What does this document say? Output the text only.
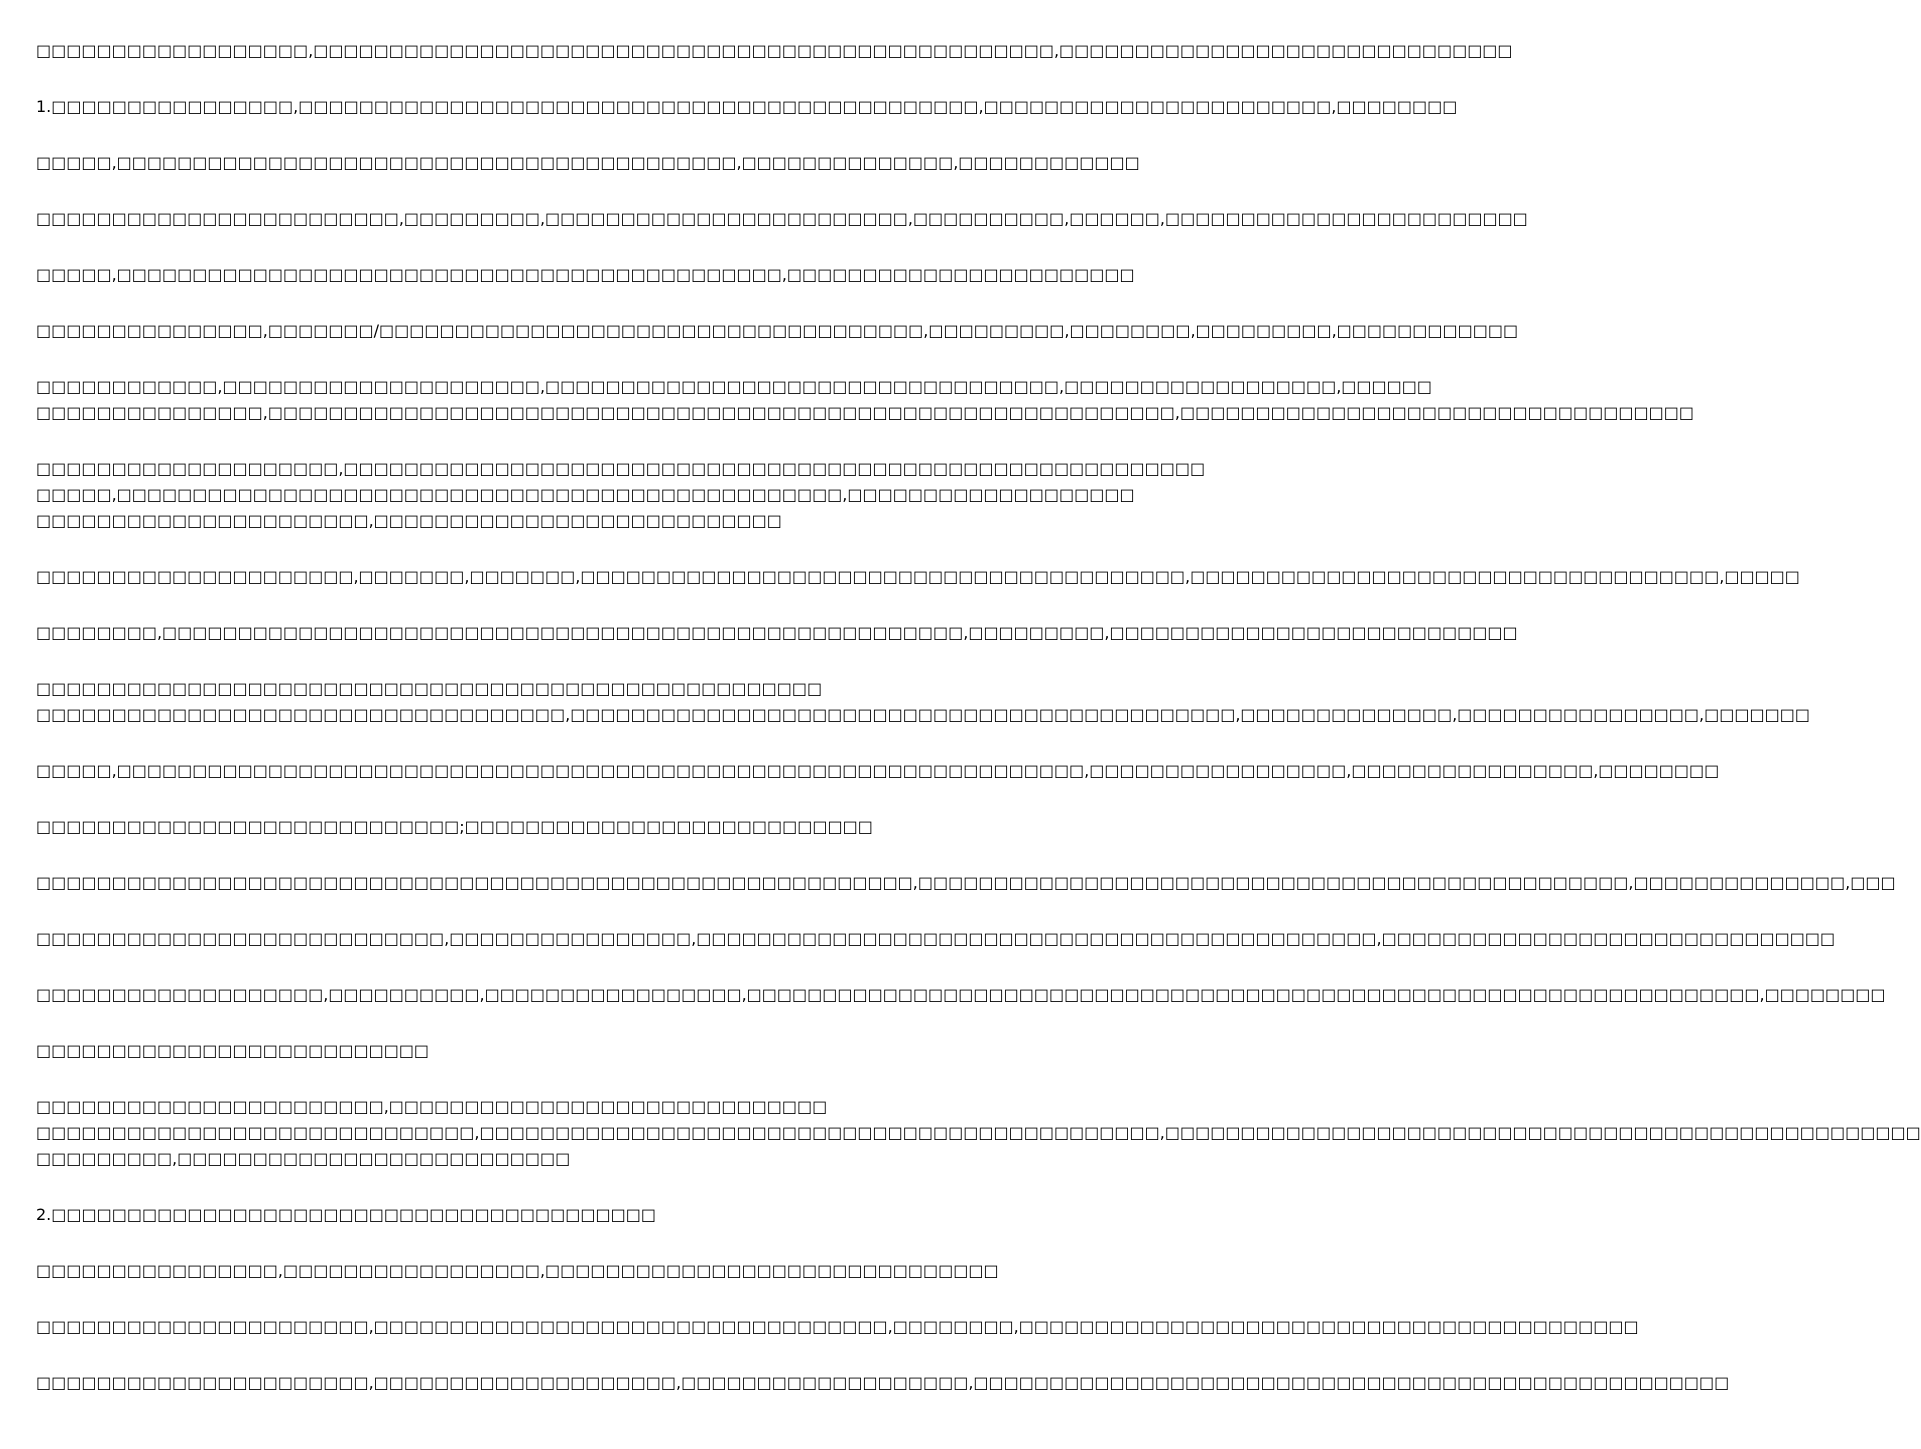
□□□□□□□□□□□□□□□□□□,□□□□□□□□□□□□□□□□□□□□□□□□□□□□□□□□□□□□□□□□□□□□□□□□□,□□□□□□□□□□□□□□□□□□□□□□□□□□□□□□
1.□□□□□□□□□□□□□□□□,□□□□□□□□□□□□□□□□□□□□□□□□□□□□□□□□□□□□□□□□□□□□□,□□□□□□□□□□□□□□□□□□□□□□□,□□□□□□□□
□□□□□,□□□□□□□□□□□□□□□□□□□□□□□□□□□□□□□□□□□□□□□□□,□□□□□□□□□□□□□□,□□□□□□□□□□□□
□□□□□□□□□□□□□□□□□□□□□□□□,□□□□□□□□□,□□□□□□□□□□□□□□□□□□□□□□□□,□□□□□□□□□□,□□□□□□,□□□□□□□□□□□□□□□□□□□□□□□□
□□□□□,□□□□□□□□□□□□□□□□□□□□□□□□□□□□□□□□□□□□□□□□□□□□,□□□□□□□□□□□□□□□□□□□□□□□
□□□□□□□□□□□□□□□,□□□□□□□/□□□□□□□□□□□□□□□□□□□□□□□□□□□□□□□□□□□□,□□□□□□□□□,□□□□□□□□,□□□□□□□□□,□□□□□□□□□□□□
□□□□□□□□□□□□,□□□□□□□□□□□□□□□□□□□□□,□□□□□□□□□□□□□□□□□□□□□□□□□□□□□□□□□□,□□□□□□□□□□□□□□□□□□,□□□□□□
□□□□□□□□□□□□□□□,□□□□□□□□□□□□□□□□□□□□□□□□□□□□□□□□□□□□□□□□□□□□□□□□□□□□□□□□□□□□,□□□□□□□□□□□□□□□□□□□□□□□□□□□□□□□□□□
□□□□□□□□□□□□□□□□□□□□,□□□□□□□□□□□□□□□□□□□□□□□□□□□□□□□□□□□□□□□□□□□□□□□□□□□□□□□□□
□□□□□,□□□□□□□□□□□□□□□□□□□□□□□□□□□□□□□□□□□□□□□□□□□□□□□□,□□□□□□□□□□□□□□□□□□□
□□□□□□□□□□□□□□□□□□□□□□,□□□□□□□□□□□□□□□□□□□□□□□□□□□
□□□□□□□□□□□□□□□□□□□□□,□□□□□□□,□□□□□□□,□□□□□□□□□□□□□□□□□□□□□□□□□□□□□□□□□□□□□□□□,□□□□□□□□□□□□□□□□□□□□□□□□□□□□□□□□□□□,□□□□□
□□□□□□□□,□□□□□□□□□□□□□□□□□□□□□□□□□□□□□□□□□□□□□□□□□□□□□□□□□□□□□,□□□□□□□□□,□□□□□□□□□□□□□□□□□□□□□□□□□□□
□□□□□□□□□□□□□□□□□□□□□□□□□□□□□□□□□□□□□□□□□□□□□□□□□□□□
□□□□□□□□□□□□□□□□□□□□□□□□□□□□□□□□□□□,□□□□□□□□□□□□□□□□□□□□□□□□□□□□□□□□□□□□□□□□□□□□,□□□□□□□□□□□□□□,□□□□□□□□□□□□□□□□,□□□□□□□
□□□□□,□□□□□□□□□□□□□□□□□□□□□□□□□□□□□□□□□□□□□□□□□□□□□□□□□□□□□□□□□□□□□□□□,□□□□□□□□□□□□□□□□□,□□□□□□□□□□□□□□□□,□□□□□□□□
□□□□□□□□□□□□□□□□□□□□□□□□□□□□;□□□□□□□□□□□□□□□□□□□□□□□□□□□
□□□□□□□□□□□□□□□□□□□□□□□□□□□□□□□□□□□□□□□□□□□□□□□□□□□□□□□□□□,□□□□□□□□□□□□□□□□□□□□□□□□□□□□□□□□□□□□□□□□□□□□□□□,□□□□□□□□□□□□□□,□□□
□□□□□□□□□□□□□□□□□□□□□□□□□□□,□□□□□□□□□□□□□□□□,□□□□□□□□□□□□□□□□□□□□□□□□□□□□□□□□□□□□□□□□□□□□□,□□□□□□□□□□□□□□□□□□□□□□□□□□□□□□
□□□□□□□□□□□□□□□□□□□,□□□□□□□□□□,□□□□□□□□□□□□□□□□□,□□□□□□□□□□□□□□□□□□□□□□□□□□□□□□□□□□□□□□□□□□□□□□□□□□□□□□□□□□□□□□□□□□□,□□□□□□□□
□□□□□□□□□□□□□□□□□□□□□□□□□□
□□□□□□□□□□□□□□□□□□□□□□□,□□□□□□□□□□□□□□□□□□□□□□□□□□□□□
□□□□□□□□□□□□□□□□□□□□□□□□□□□□□,□□□□□□□□□□□□□□□□□□□□□□□□□□□□□□□□□□□□□□□□□□□□□,□□□□□□□□□□□□□□□□□□□□□□□□□□□□□□□□□□□□□□□□□□□□□□□□□□
□□□□□□□□□,□□□□□□□□□□□□□□□□□□□□□□□□□□
2.□□□□□□□□□□□□□□□□□□□□□□□□□□□□□□□□□□□□□□□□
□□□□□□□□□□□□□□□□,□□□□□□□□□□□□□□□□□,□□□□□□□□□□□□□□□□□□□□□□□□□□□□□□
□□□□□□□□□□□□□□□□□□□□□□,□□□□□□□□□□□□□□□□□□□□□□□□□□□□□□□□□□,□□□□□□□□,□□□□□□□□□□□□□□□□□□□□□□□□□□□□□□□□□□□□□□□□□
□□□□□□□□□□□□□□□□□□□□□□,□□□□□□□□□□□□□□□□□□□□,□□□□□□□□□□□□□□□□□□□,□□□□□□□□□□□□□□□□□□□□□□□□□□□□□□□□□□□□□□□□□□□□□□□□□□
